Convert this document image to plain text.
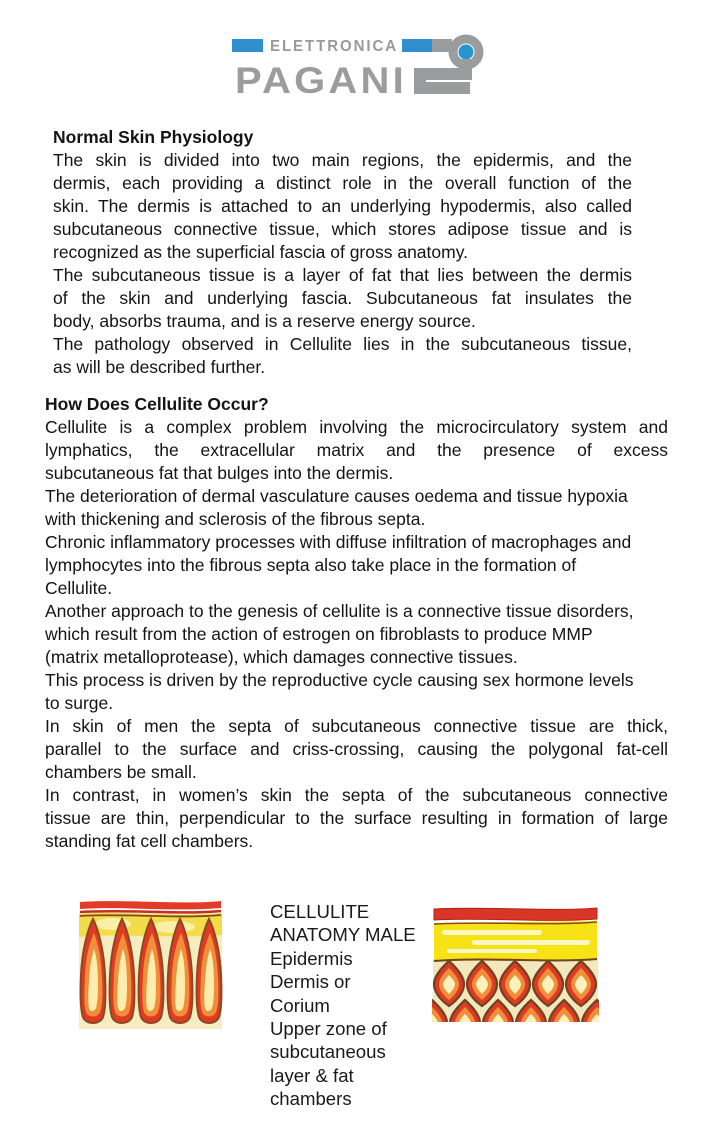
ELETTRONICA
PAGANI
Normal Skin Physiology
The skin is divided into two main regions, the epidermis, and the
dermis, each providing a distinct role in the overall function of the
skin. The dermis is attached to an underlying hypodermis, also called
subcutaneous connective tissue, which stores adipose tissue and is
recognized as the superficial fascia of gross anatomy.
The subcutaneous tissue is a layer of fat that lies between the dermis
of the skin and underlying fascia. Subcutaneous fat insulates the
body, absorbs trauma, and is a reserve energy source.
The pathology observed in Cellulite lies in the subcutaneous tissue,
as will be described further.
How Does Cellulite Occur?
Cellulite is a complex problem involving the microcirculatory system and
lymphatics, the extracellular matrix and the presence of excess
subcutaneous fat that bulges into the dermis.
The deterioration of dermal vasculature causes oedema and tissue hypoxia
with thickening and sclerosis of the fibrous septa.
Chronic inflammatory processes with diffuse infiltration of macrophages and
lymphocytes into the fibrous septa also take place in the formation of
Cellulite.
Another approach to the genesis of cellulite is a connective tissue disorders,
which result from the action of estrogen on fibroblasts to produce MMP
(matrix metalloprotease), which damages connective tissues.
This process is driven by the reproductive cycle causing sex hormone levels
to surge.
In skin of men the septa of subcutaneous connective tissue are thick,
parallel to the surface and criss-crossing, causing the polygonal fat-cell
chambers be small.
In contrast, in women’s skin the septa of the subcutaneous connective
tissue are thin, perpendicular to the surface resulting in formation of large
standing fat cell chambers.
CELLULITE
ANATOMY MALE
Epidermis
Dermis or
Corium
Upper zone of
subcutaneous
layer & fat
chambers
